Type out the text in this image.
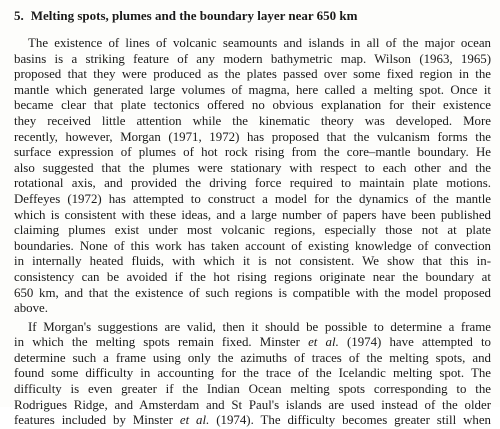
5. Melting spots, plumes and the boundary layer near 650 km
The existence of lines of volcanic seamounts and islands in all of the major ocean
basins is a striking feature of any modern bathymetric map. Wilson (1963, 1965)
proposed that they were produced as the plates passed over some fixed region in the
mantle which generated large volumes of magma, here called a melting spot. Once it
became clear that plate tectonics offered no obvious explanation for their existence
they received little attention while the kinematic theory was developed. More
recently, however, Morgan (1971, 1972) has proposed that the vulcanism forms the
surface expression of plumes of hot rock rising from the core–mantle boundary. He
also suggested that the plumes were stationary with respect to each other and the
rotational axis, and provided the driving force required to maintain plate motions.
Deffeyes (1972) has attempted to construct a model for the dynamics of the mantle
which is consistent with these ideas, and a large number of papers have been published
claiming plumes exist under most volcanic regions, especially those not at plate
boundaries. None of this work has taken account of existing knowledge of convection
in internally heated fluids, with which it is not consistent. We show that this in-
consistency can be avoided if the hot rising regions originate near the boundary at
650 km, and that the existence of such regions is compatible with the model proposed
above.
If Morgan's suggestions are valid, then it should be possible to determine a frame
in which the melting spots remain fixed. Minster et al. (1974) have attempted to
determine such a frame using only the azimuths of traces of the melting spots, and
found some difficulty in accounting for the trace of the Icelandic melting spot. The
difficulty is even greater if the Indian Ocean melting spots corresponding to the
Rodrigues Ridge, and Amsterdam and St Paul's islands are used instead of the older
features included by Minster et al. (1974). The difficulty becomes greater still when
